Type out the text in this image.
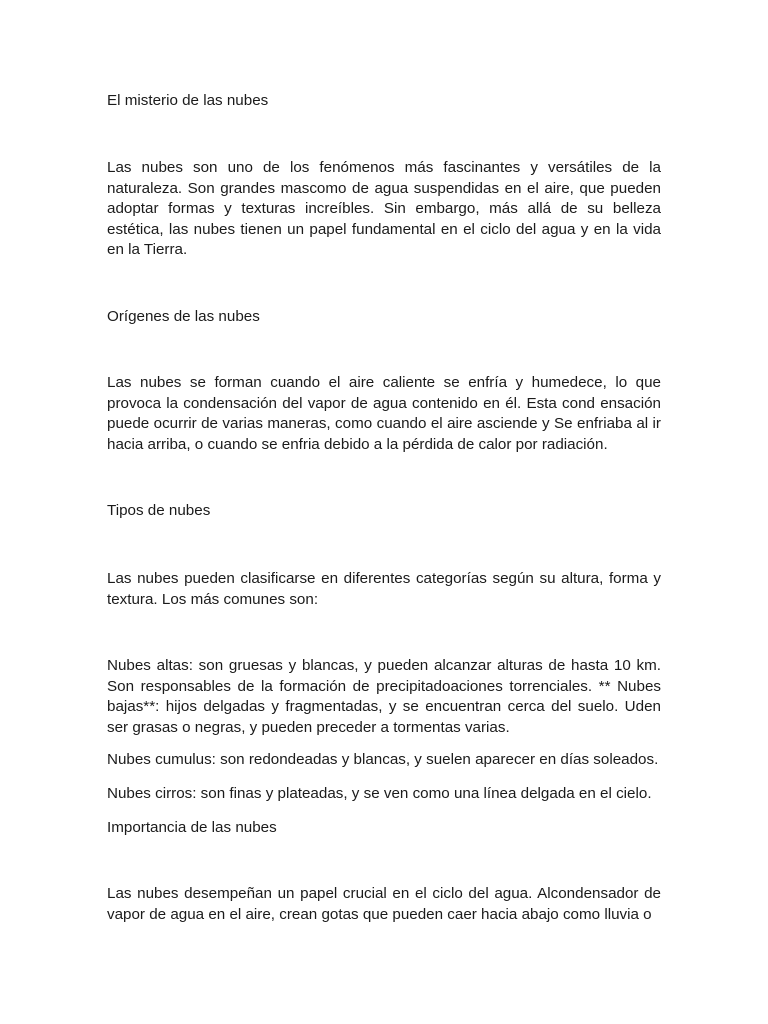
El misterio de las nubes

Las nubes son uno de los fenómenos más fascinantes y versátiles de la naturaleza. Son grandes mascomo de agua suspendidas en el aire, que pueden adoptar formas y texturas increíbles. Sin embargo, más allá de su belleza estética, las nubes tienen un papel fundamental en el ciclo del agua y en la vida en la Tierra.

Orígenes de las nubes

Las nubes se forman cuando el aire caliente se enfría y humedece, lo que provoca la condensación del vapor de agua contenido en él. Esta cond ensación puede ocurrir de varias maneras, como cuando el aire asciende y Se enfriaba al ir hacia arriba, o cuando se enfria debido a la pérdida de calor por radiación.

Tipos de nubes

Las nubes pueden clasificarse en diferentes categorías según su altura, forma y textura. Los más comunes son:

Nubes altas: son gruesas y blancas, y pueden alcanzar alturas de hasta 10 km. Son responsables de la formación de precipitadoaciones torrenciales. ** Nubes bajas**: hijos delgadas y fragmentadas, y se encuentran cerca del suelo. Uden ser grasas o negras, y pueden preceder a tormentas varias.

Nubes cumulus: son redondeadas y blancas, y suelen aparecer en días soleados.

Nubes cirros: son finas y plateadas, y se ven como una línea delgada en el cielo.

Importancia de las nubes

Las nubes desempeñan un papel crucial en el ciclo del agua. Alcondensador de vapor de agua en el aire, crean gotas que pueden caer hacia abajo como lluvia o
